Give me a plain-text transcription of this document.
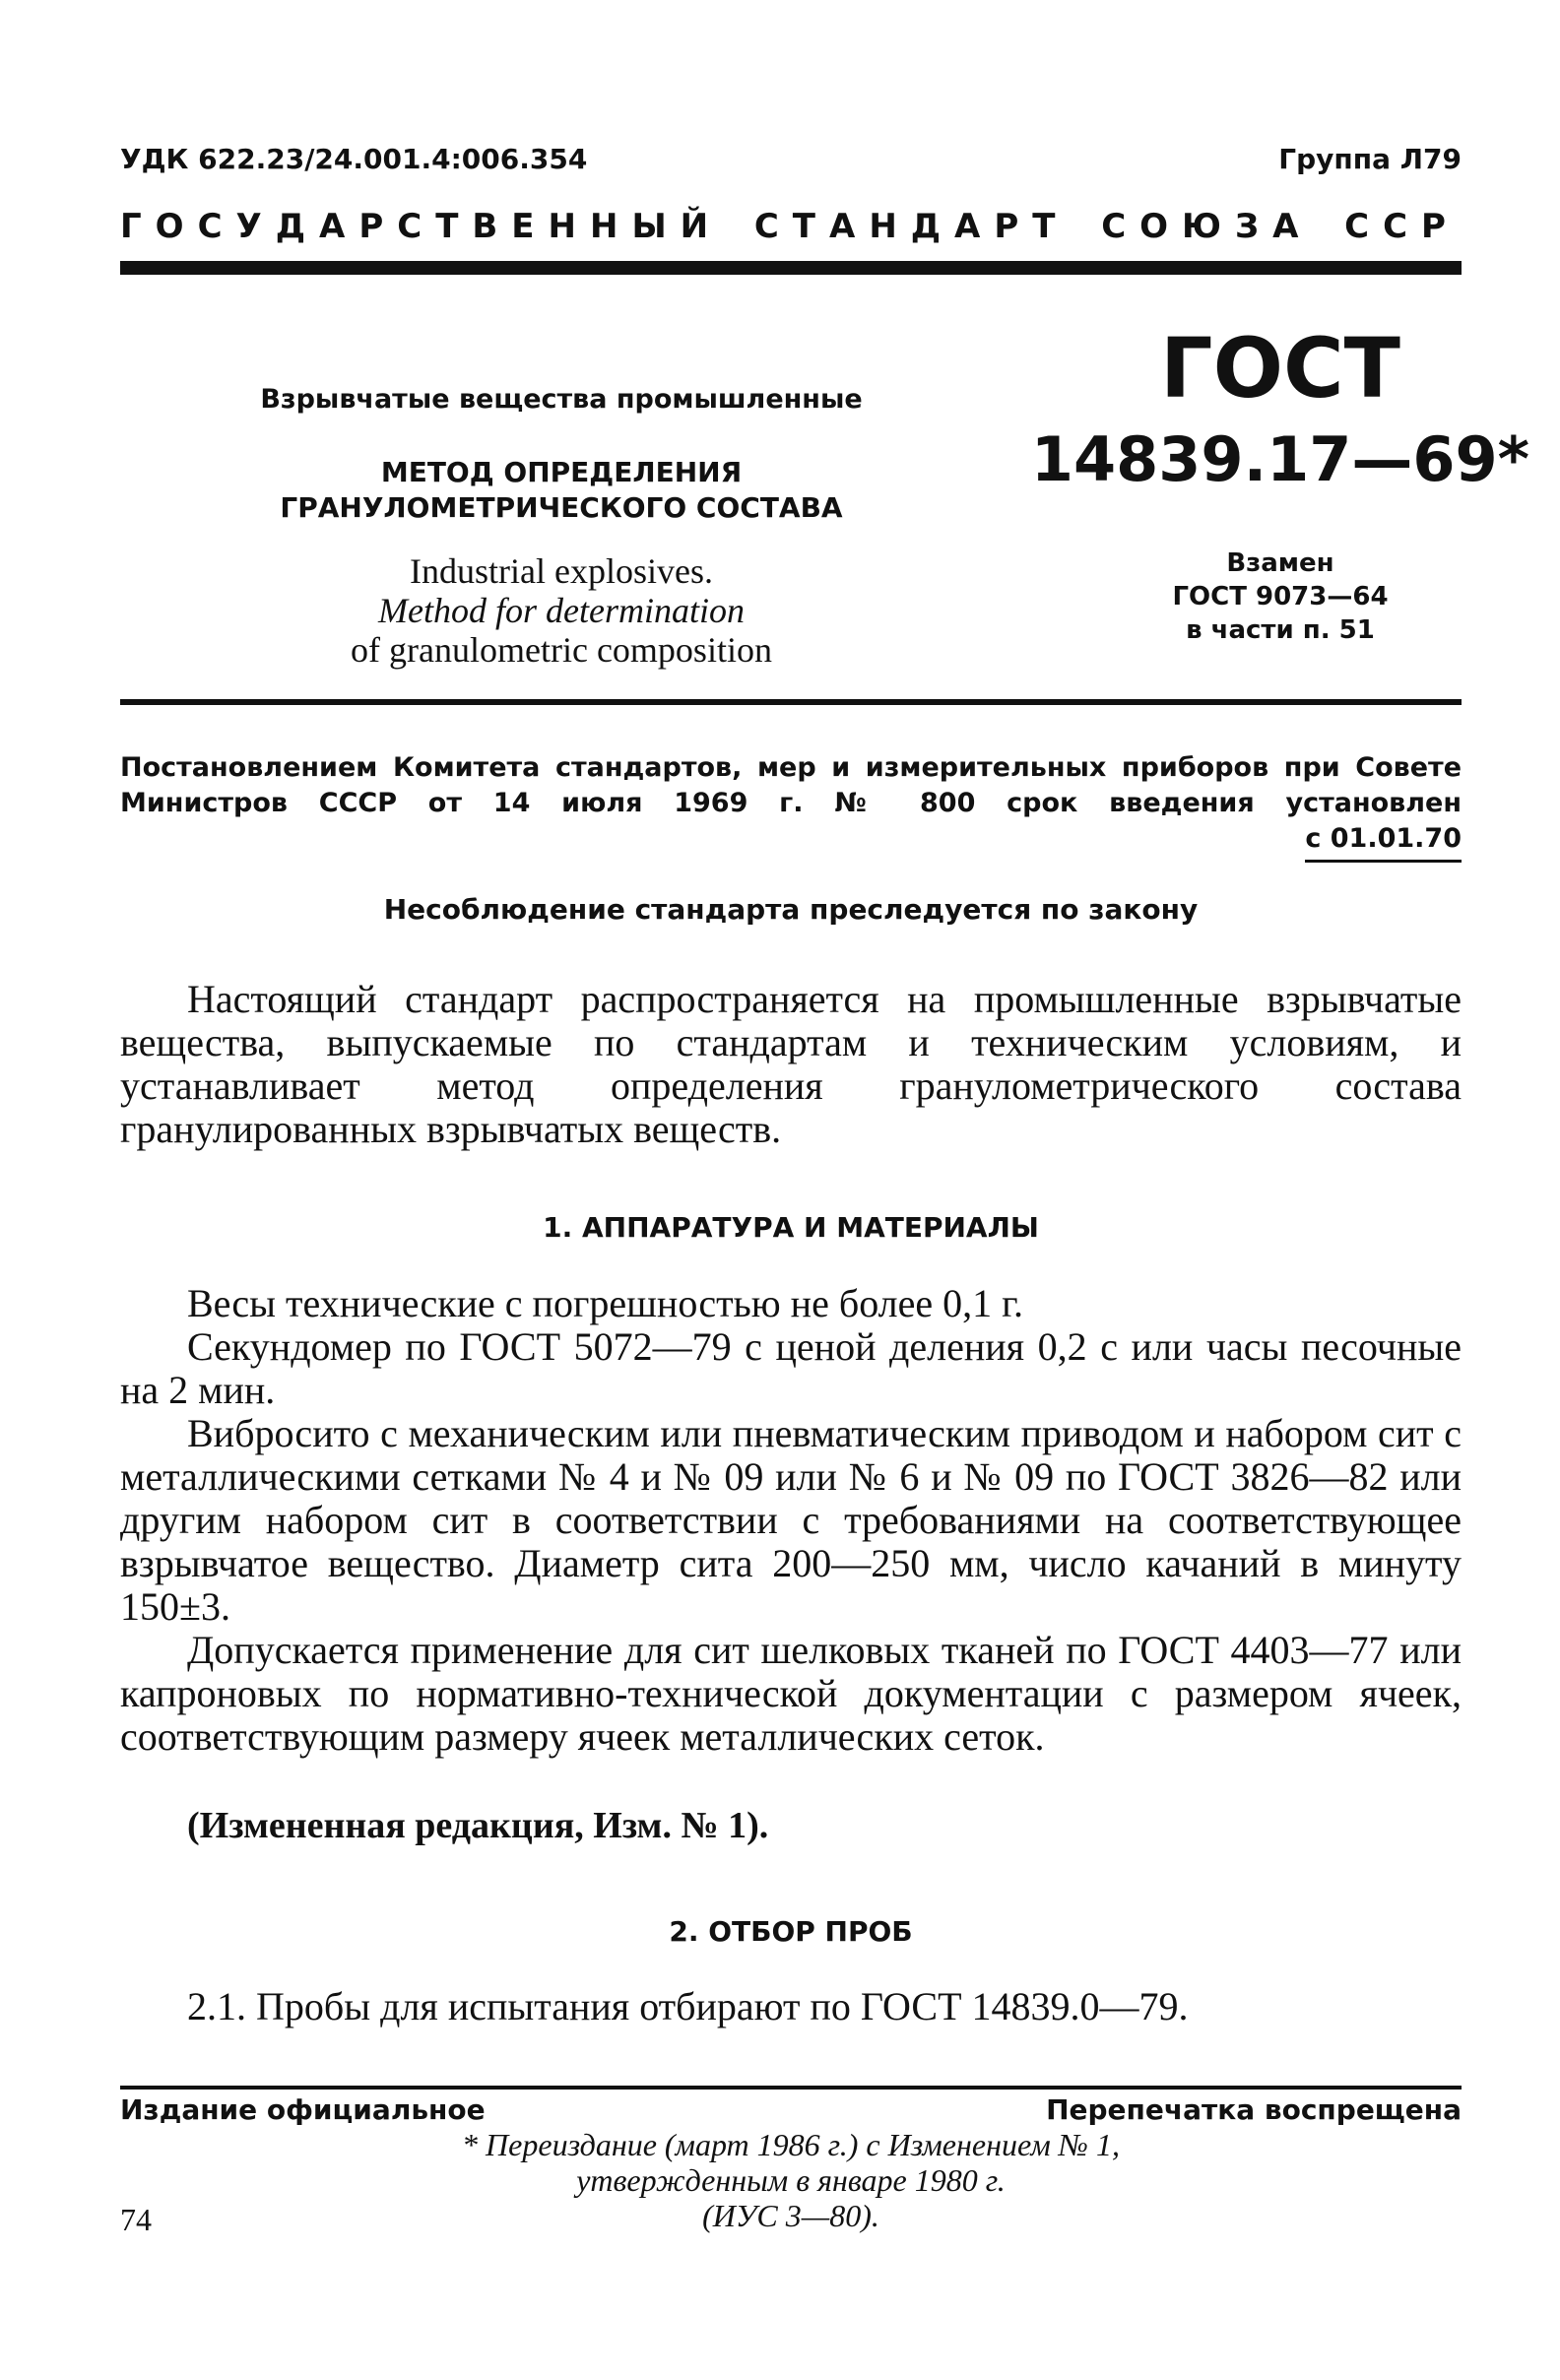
УДК 622.23/24.001.4:006.354	Группа Л79
ГОСУДАРСТВЕННЫЙ СТАНДАРТ СОЮЗА ССР
Взрывчатые вещества промышленные
МЕТОД ОПРЕДЕЛЕНИЯ
ГРАНУЛОМЕТРИЧЕСКОГО СОСТАВА
Industrial explosives.
Method for determination
of granulometric composition
ГОСТ
14839.17—69*
Взамен
ГОСТ 9073—64
в части п. 51
Постановлением Комитета стандартов, мер и измерительных приборов при Совете Министров СССР от 14 июля 1969 г. № 800 срок введения установлен
с 01.01.70
Несоблюдение стандарта преследуется по закону
Настоящий стандарт распространяется на промышленные взрывчатые вещества, выпускаемые по стандартам и техническим условиям, и устанавливает метод определения гранулометрического состава гранулированных взрывчатых веществ.
1. АППАРАТУРА И МАТЕРИАЛЫ
Весы технические с погрешностью не более 0,1 г.
Секундомер по ГОСТ 5072—79 с ценой деления 0,2 с или часы песочные на 2 мин.
Вибросито с механическим или пневматическим приводом и набором сит с металлическими сетками № 4 и № 09 или № 6 и № 09 по ГОСТ 3826—82 или другим набором сит в соответствии с требованиями на соответствующее взрывчатое вещество. Диаметр сита 200—250 мм, число качаний в минуту 150±3.
Допускается применение для сит шелковых тканей по ГОСТ 4403—77 или капроновых по нормативно-технической документации с размером ячеек, соответствующим размеру ячеек металлических сеток.
(Измененная редакция, Изм. № 1).
2. ОТБОР ПРОБ
2.1. Пробы для испытания отбирают по ГОСТ 14839.0—79.
Издание официальное	Перепечатка воспрещена
* Переиздание (март 1986 г.) с Изменением № 1,
утвержденным в январе 1980 г.
(ИУС 3—80).
74
